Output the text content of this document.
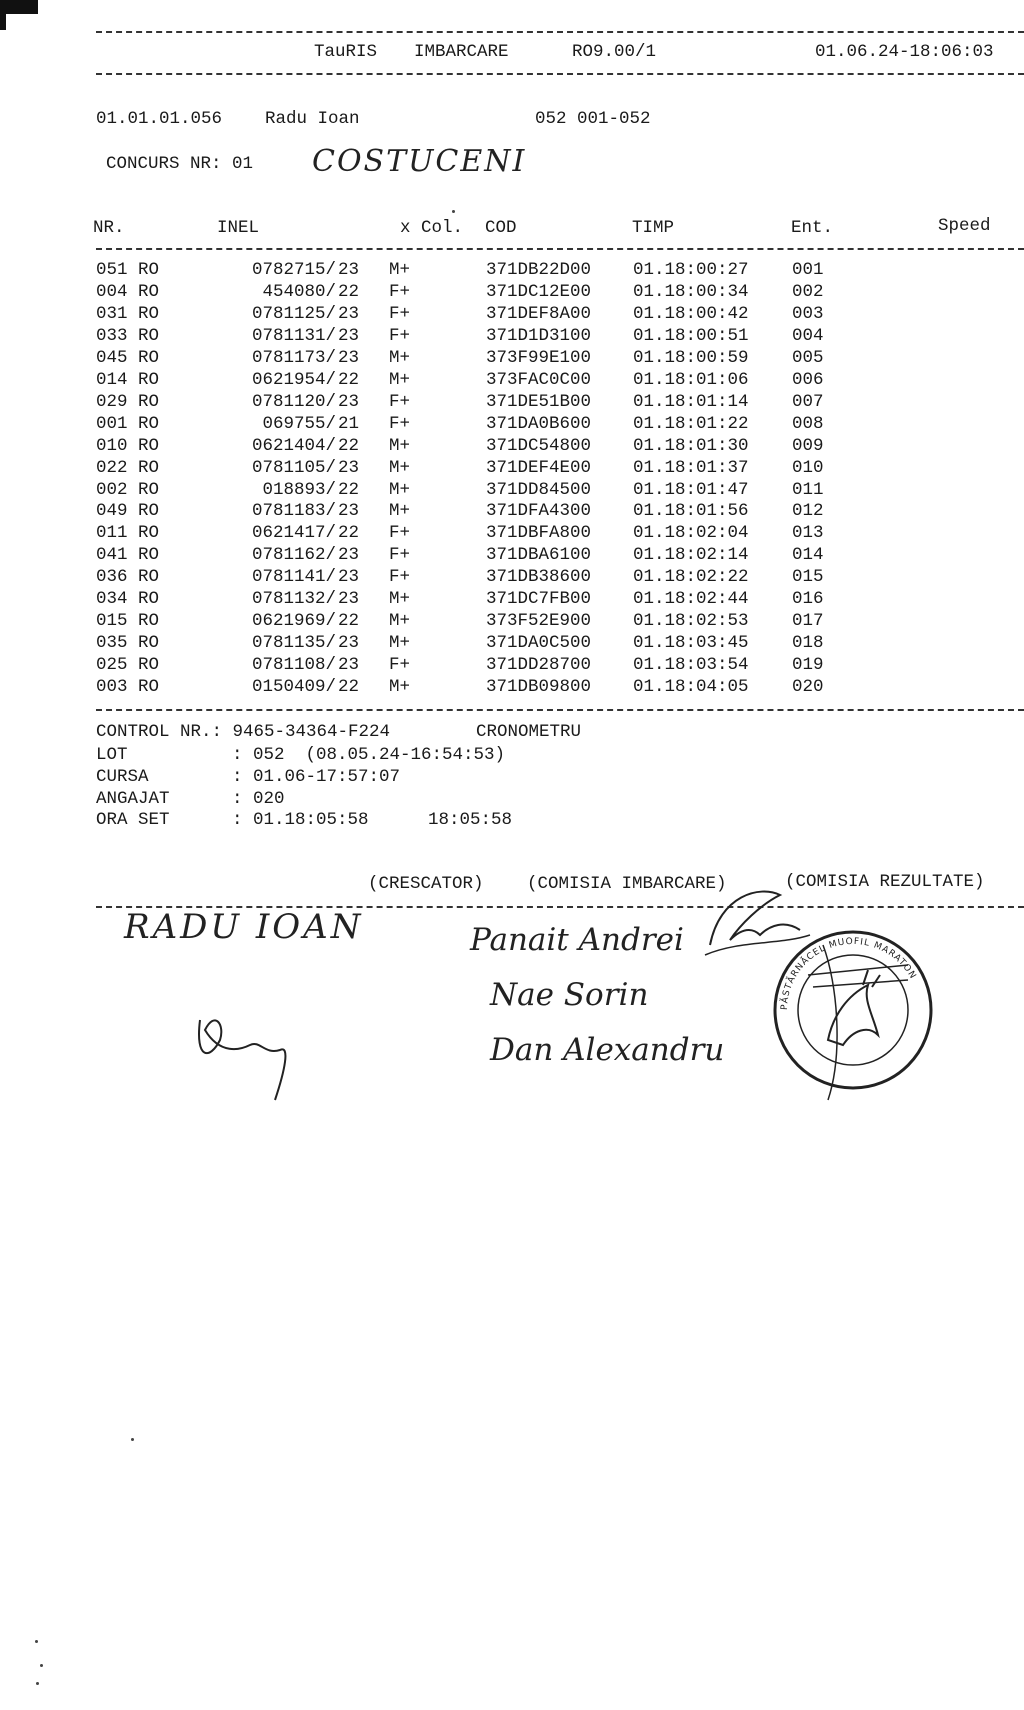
TauRIS IMBARCARE	RO9.00/1	01.06.24-18:06:03
01.01.01.056 Radu Ioan	052 001-052
CONCURS NR: 01 COSTUCENI
NR.	INEL	x Col. COD	TIMP	Ent.	Speed
051 RO	0782715/ 23 M+	371DB22D00 01.18:00:27 001
004 RO	454080/ 22 F+	371DC12E00 01.18:00:34 002
031 RO	0781125/ 23 F+	371DEF8A00 01.18:00:42 003
033 RO	0781131/ 23 F+	371D1D3100 01.18:00:51 004
045 RO	0781173/ 23 M+	373F99E100 01.18:00:59 005
014 RO	0621954/ 22 M+	373FAC0C00 01.18:01:06 006
029 RO	0781120/ 23 F+	371DE51B00 01.18:01:14 007
001 RO	069755/ 21 F+	371DA0B600 01.18:01:22 008
010 RO	0621404/ 22 M+	371DC54800 01.18:01:30 009
022 RO	0781105/ 23 M+	371DEF4E00 01.18:01:37 010
002 RO	018893/ 22 M+	371DD84500 01.18:01:47 011
049 RO	0781183/ 23 M+	371DFA4300 01.18:01:56 012
011 RO	0621417/ 22 F+	371DBFA800 01.18:02:04 013
041 RO	0781162/ 23 F+	371DBA6100 01.18:02:14 014
036 RO	0781141/ 23 F+	371DB38600 01.18:02:22 015
034 RO	0781132/ 23 M+	371DC7FB00 01.18:02:44 016
015 RO	0621969/ 22 M+	373F52E900 01.18:02:53 017
035 RO	0781135/ 23 M+	371DA0C500 01.18:03:45 018
025 RO	0781108/ 23 F+	371DD28700 01.18:03:54 019
003 RO	0150409/ 22 M+	371DB09800 01.18:04:05 020
CONTROL NR.: 9465-34364-F224	CRONOMETRU
LOT	: 052  (08.05.24-16:54:53)
CURSA	: 01.06-17:57:07
ANGAJAT	: 020
ORA SET	: 01.18:05:58	18:05:58
(CRESCATOR) (COMISIA IMBARCARE)	(COMISIA REZULTATE)
RADU IOAN	Panait Andrei
Nae Sorin
Dan Alexandru
PĂSTĂRNĂCEL MUOFIL MARATON
